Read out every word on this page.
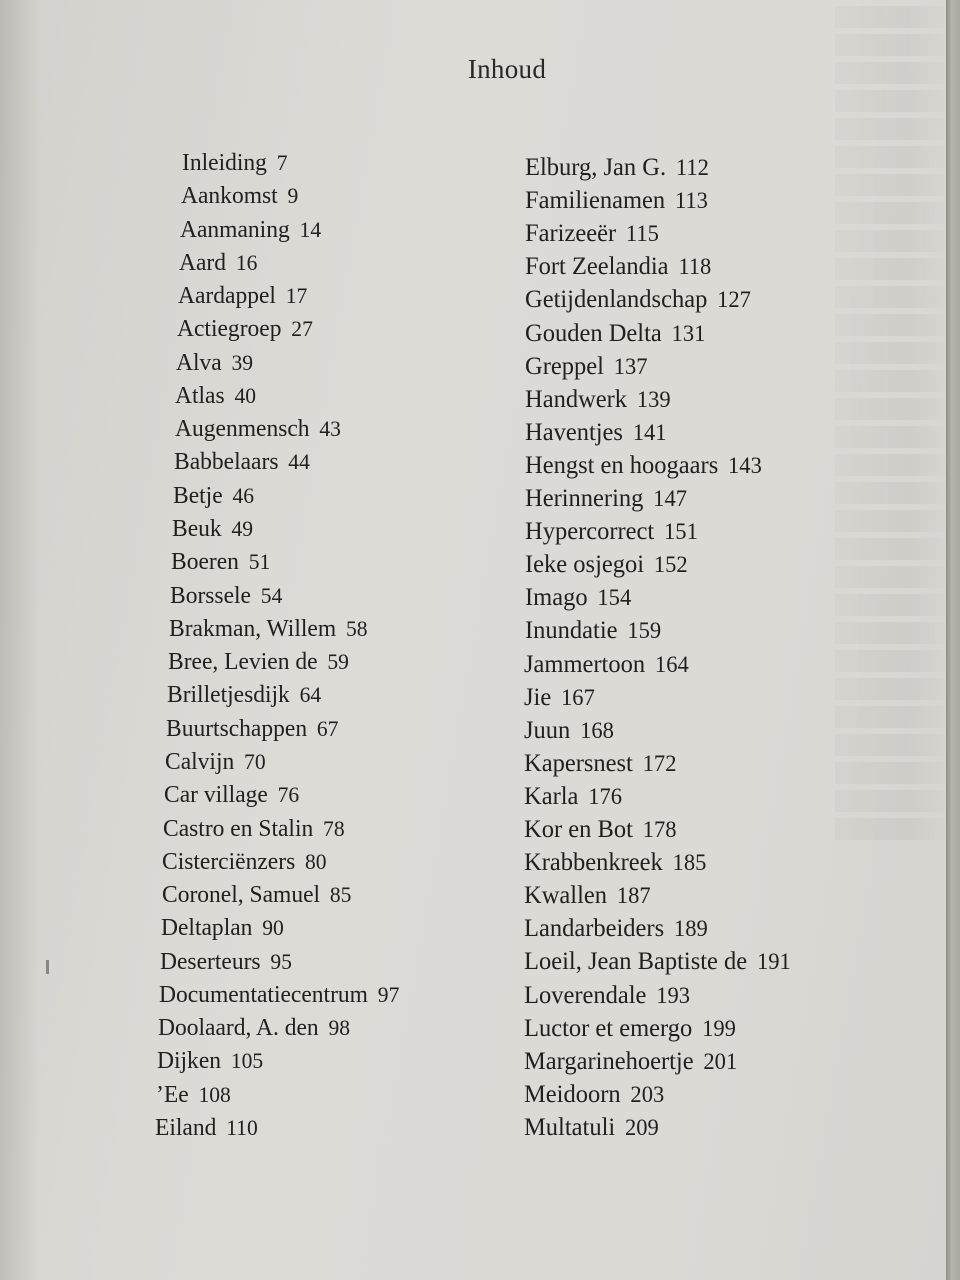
Inhoud
Inleiding 7
Aankomst 9
Aanmaning 14
Aard 16
Aardappel 17
Actiegroep 27
Alva 39
Atlas 40
Augenmensch 43
Babbelaars 44
Betje 46
Beuk 49
Boeren 51
Borssele 54
Brakman, Willem 58
Bree, Levien de 59
Brilletjesdijk 64
Buurtschappen 67
Calvijn 70
Car village 76
Castro en Stalin 78
Cisterciënzers 80
Coronel, Samuel 85
Deltaplan 90
Deserteurs 95
Documentatiecentrum 97
Doolaard, A. den 98
Dijken 105
’Ee 108
Eiland 110
Elburg, Jan G. 112
Familienamen 113
Farizeeër 115
Fort Zeelandia 118
Getijdenlandschap 127
Gouden Delta 131
Greppel 137
Handwerk 139
Haventjes 141
Hengst en hoogaars 143
Herinnering 147
Hypercorrect 151
Ieke osjegoi 152
Imago 154
Inundatie 159
Jammertoon 164
Jie 167
Juun 168
Kapersnest 172
Karla 176
Kor en Bot 178
Krabbenkreek 185
Kwallen 187
Landarbeiders 189
Loeil, Jean Baptiste de 191
Loverendale 193
Luctor et emergo 199
Margarinehoertje 201
Meidoorn 203
Multatuli 209
